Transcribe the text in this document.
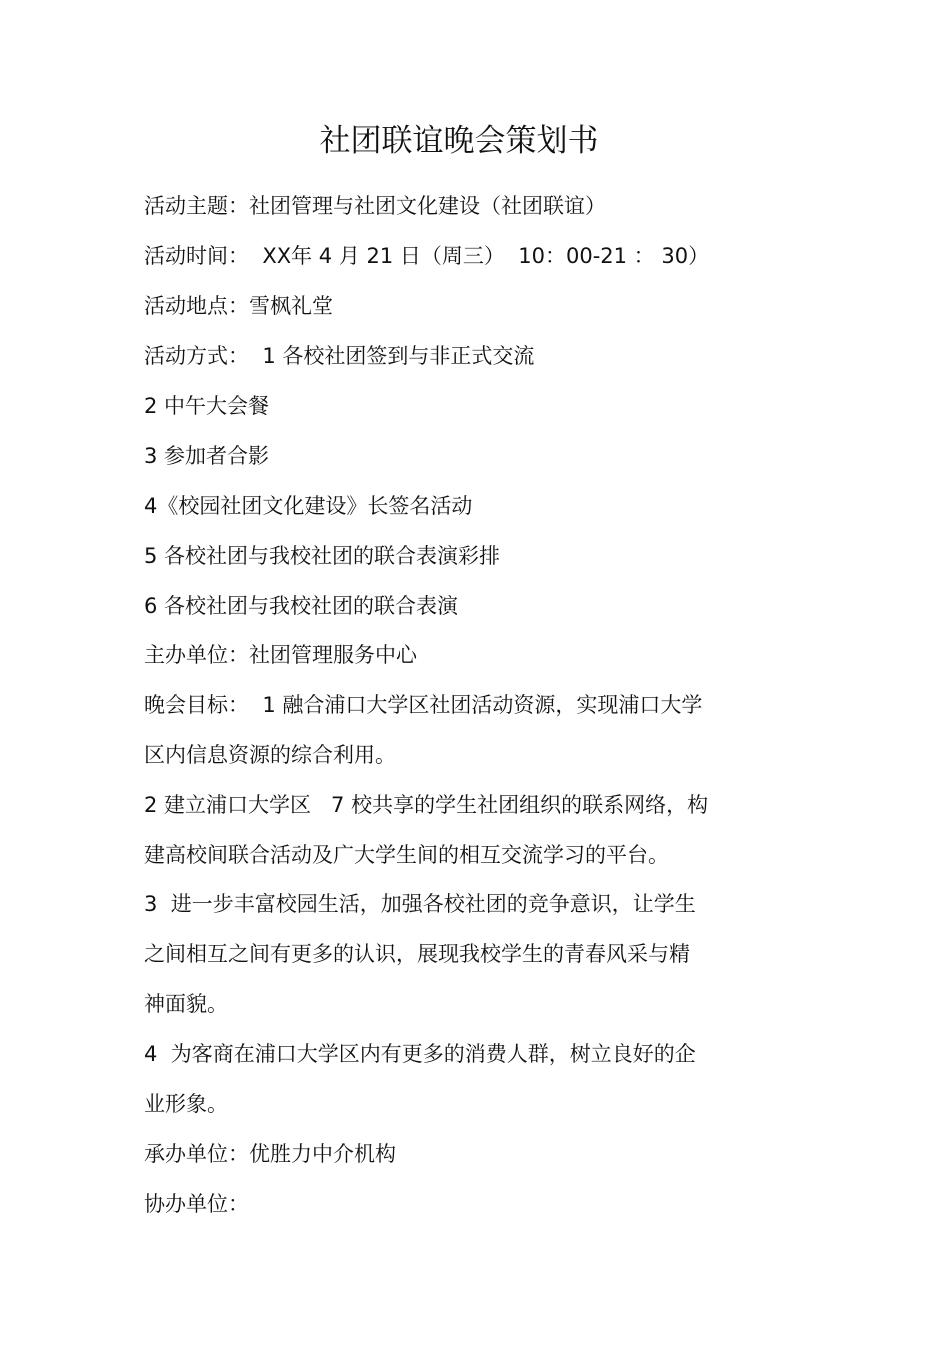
社团联谊晚会策划书
活动主题：社团管理与社团文化建设（社团联谊）
活动时间：  XX年 4 月 21 日（周三）  10：00-21 ： 30）
活动地点：雪枫礼堂
活动方式：  1 各校社团签到与非正式交流
2 中午大会餐
3 参加者合影
4《校园社团文化建设》长签名活动
5 各校社团与我校社团的联合表演彩排
6 各校社团与我校社团的联合表演
主办单位：社团管理服务中心
晚会目标：  1 融合浦口大学区社团活动资源，实现浦口大学
区内信息资源的综合利用。
2 建立浦口大学区   7 校共享的学生社团组织的联系网络，构
建高校间联合活动及广大学生间的相互交流学习的平台。
3  进一步丰富校园生活，加强各校社团的竞争意识，让学生
之间相互之间有更多的认识，展现我校学生的青春风采与精
神面貌。
4  为客商在浦口大学区内有更多的消费人群，树立良好的企
业形象。
承办单位：优胜力中介机构
协办单位：
